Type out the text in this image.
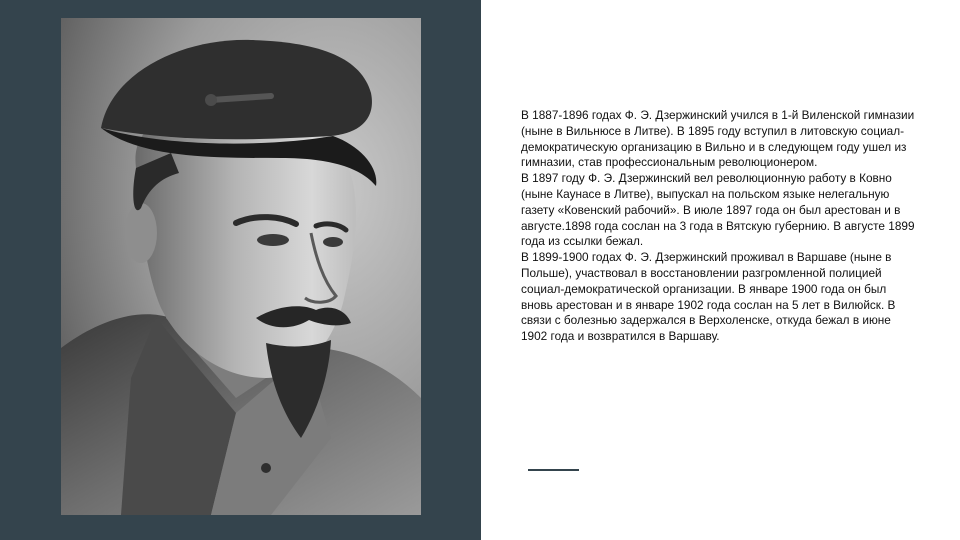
В 1887-1896 годах Ф. Э. Дзержинский учился в 1-й Виленской гимназии (ныне в Вильнюсе в Литве). В 1895 году вступил в литовскую социал-демократическую организацию в Вильно и в следующем году ушел из гимназии, став профессиональным революционером.

В 1897 году Ф. Э. Дзержинский вел революционную работу в Ковно (ныне Каунасе в Литве), выпускал на польском языке нелегальную газету «Ковенский рабочий». В июле 1897 года он был арестован и в августе.1898 года сослан на 3 года в Вятскую губернию. В августе 1899 года из ссылки бежал.

В 1899-1900 годах Ф. Э. Дзержинский проживал в Варшаве (ныне в Польше), участвовал в восстановлении разгромленной полицией социал-демократической организации. В январе 1900 года он был вновь арестован и в январе 1902 года сослан на 5 лет в Вилюйск. В связи с болезнью задержался в Верхоленске, откуда бежал в июне 1902 года и возвратился в Варшаву.
